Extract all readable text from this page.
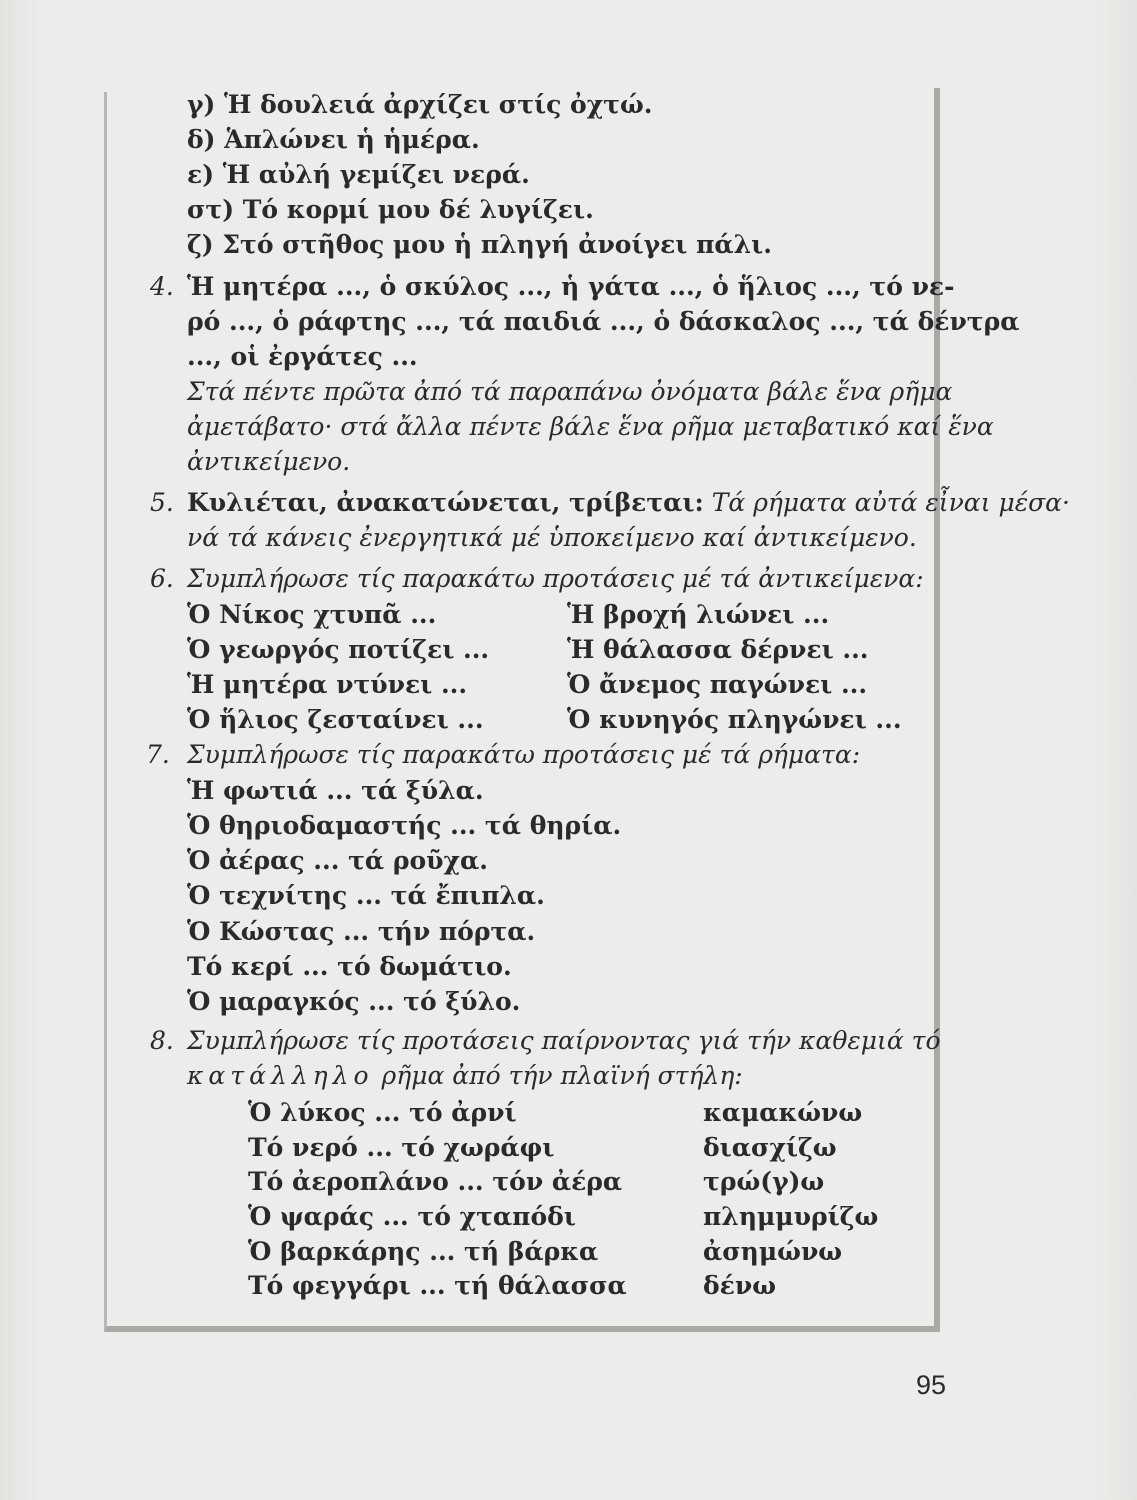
γ) Ἡ δουλειά ἀρχίζει στίς ὀχτώ.
δ) Ἁπλώνει ἡ ἡμέρα.
ε) Ἡ αὐλή γεμίζει νερά.
στ) Τό κορμί μου δέ λυγίζει.
ζ) Στό στῆθος μου ἡ πληγή ἀνοίγει πάλι.
4. Ἡ μητέρα ..., ὁ σκύλος ..., ἡ γάτα ..., ὁ ἥλιος ..., τό νε-
ρό ..., ὁ ράφτης ..., τά παιδιά ..., ὁ δάσκαλος ..., τά δέντρα
..., οἱ ἐργάτες ...
Στά πέντε πρῶτα ἀπό τά παραπάνω ὀνόματα βάλε ἕνα ρῆμα
ἀμετάβατο· στά ἄλλα πέντε βάλε ἕνα ρῆμα μεταβατικό καί ἕνα
ἀντικείμενο.
5. Κυλιέται, ἀνακατώνεται, τρίβεται: Τά ρήματα αὐτά εἶναι μέσα·
νά τά κάνεις ἐνεργητικά μέ ὑποκείμενο καί ἀντικείμενο.
6. Συμπλήρωσε τίς παρακάτω προτάσεις μέ τά ἀντικείμενα:
Ὁ Νίκος χτυπᾶ ...
Ὁ γεωργός ποτίζει ...
Ἡ μητέρα ντύνει ...
Ὁ ἥλιος ζεσταίνει ...
Ἡ βροχή λιώνει ...
Ἡ θάλασσα δέρνει ...
Ὁ ἄνεμος παγώνει ...
Ὁ κυνηγός πληγώνει ...
7. Συμπλήρωσε τίς παρακάτω προτάσεις μέ τά ρήματα:
Ἡ φωτιά ... τά ξύλα.
Ὁ θηριοδαμαστής ... τά θηρία.
Ὁ ἀέρας ... τά ροῦχα.
Ὁ τεχνίτης ... τά ἔπιπλα.
Ὁ Κώστας ... τήν πόρτα.
Τό κερί ... τό δωμάτιο.
Ὁ μαραγκός ... τό ξύλο.
8. Συμπλήρωσε τίς προτάσεις παίρνοντας γιά τήν καθεμιά τό
κατάλληλο ρῆμα ἀπό τήν πλαϊνή στήλη:
Ὁ λύκος ... τό ἀρνί
Τό νερό ... τό χωράφι
Τό ἀεροπλάνο ... τόν ἀέρα
Ὁ ψαράς ... τό χταπόδι
Ὁ βαρκάρης ... τή βάρκα
Τό φεγγάρι ... τή θάλασσα
καμακώνω
διασχίζω
τρώ(γ)ω
πλημμυρίζω
ἀσημώνω
δένω
95
